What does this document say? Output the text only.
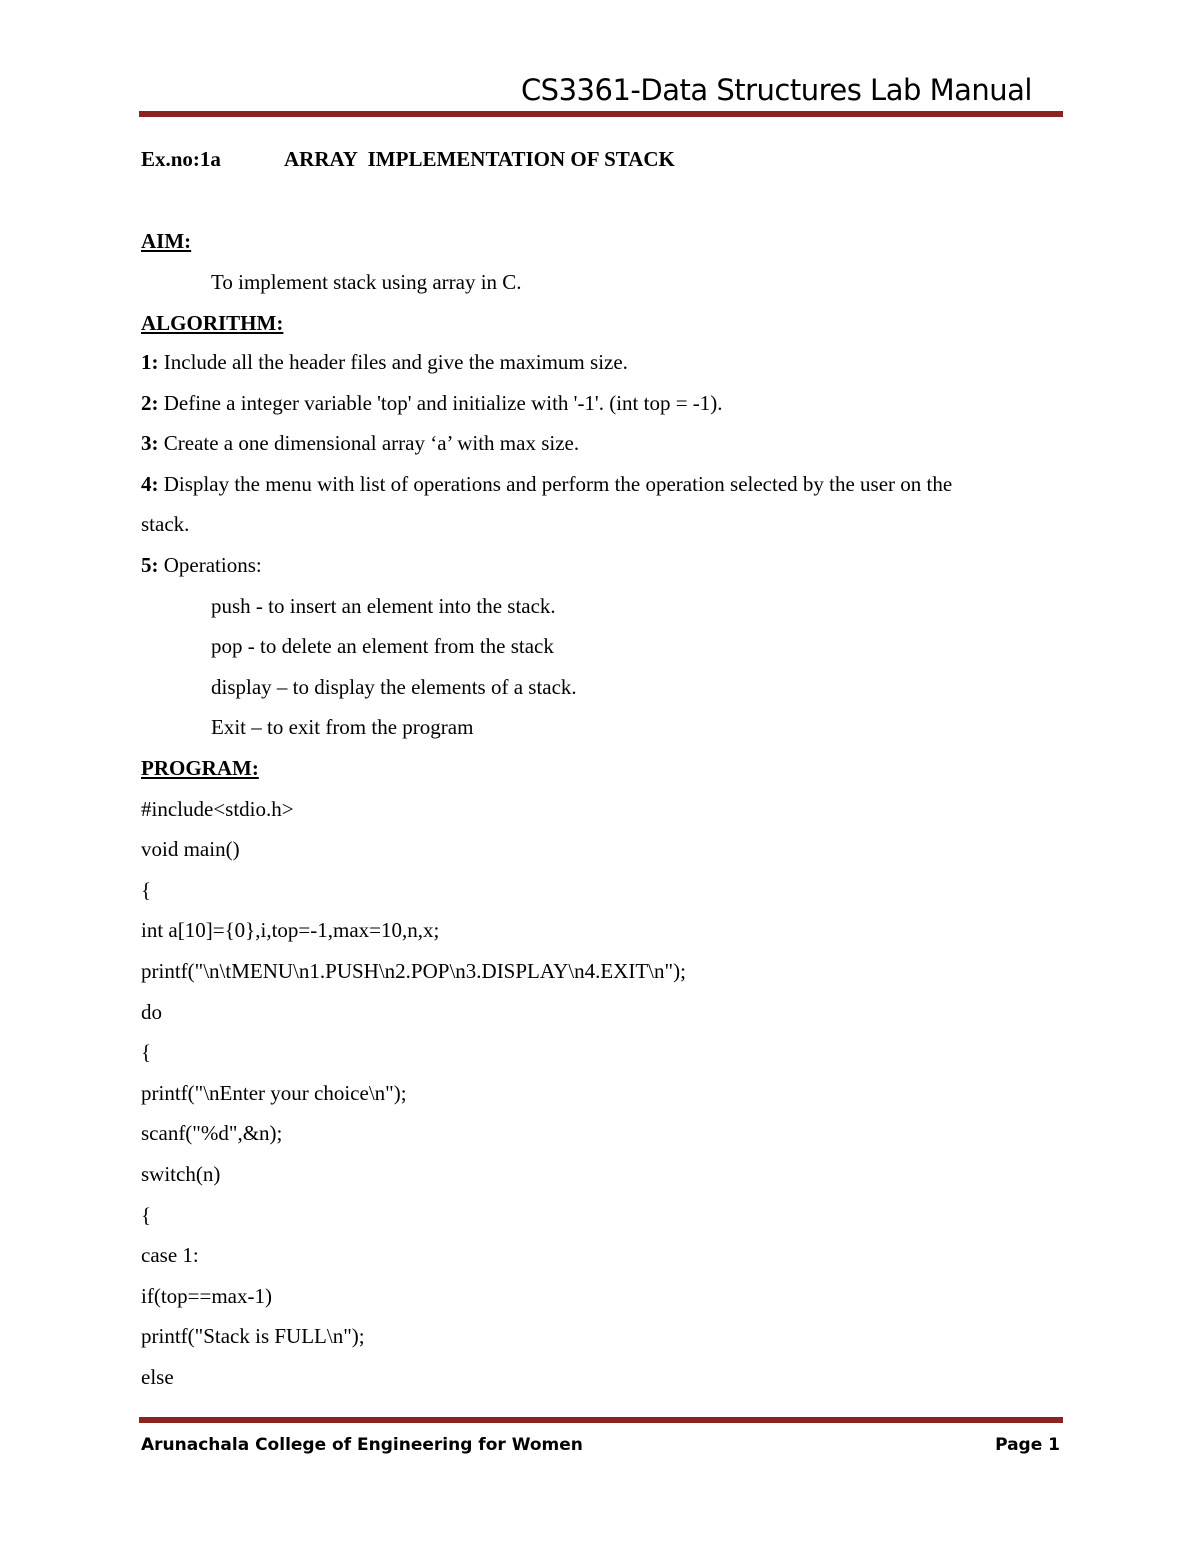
CS3361-Data Structures Lab Manual
Ex.no:1a	ARRAY  IMPLEMENTATION OF STACK
AIM:
To implement stack using array in C.
ALGORITHM:
1: Include all the header files and give the maximum size.
2: Define a integer variable 'top' and initialize with '-1'. (int top = -1).
3: Create a one dimensional array ‘a’ with max size.
4: Display the menu with list of operations and perform the operation selected by the user on the
stack.
5: Operations:
push - to insert an element into the stack.
pop - to delete an element from the stack
display – to display the elements of a stack.
Exit – to exit from the program
PROGRAM:
#include<stdio.h>
void main()
{
int a[10]={0},i,top=-1,max=10,n,x;
printf("\n\tMENU\n1.PUSH\n2.POP\n3.DISPLAY\n4.EXIT\n");
do
{
printf("\nEnter your choice\n");
scanf("%d",&n);
switch(n)
{
case 1:
if(top==max-1)
printf("Stack is FULL\n");
else
Arunachala College of Engineering for Women	Page 1
